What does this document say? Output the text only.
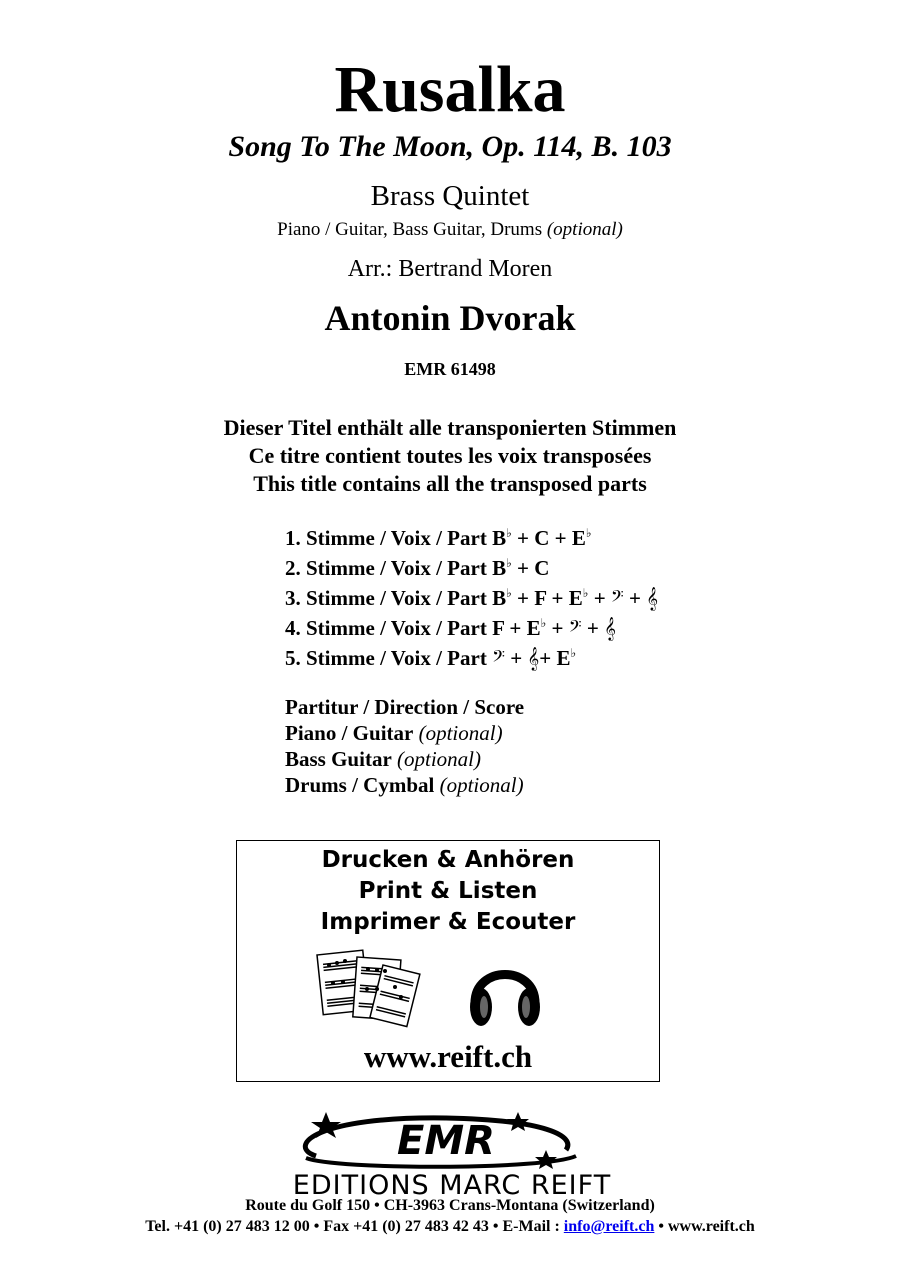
Rusalka
Song To The Moon, Op. 114, B. 103
Brass Quintet
Piano / Guitar, Bass Guitar, Drums (optional)
Arr.: Bertrand Moren
Antonin Dvorak
EMR 61498
Dieser Titel enthält alle transponierten Stimmen
Ce titre contient toutes les voix transposées
This title contains all the transposed parts
1. Stimme / Voix / Part B♭ + C + E♭
2. Stimme / Voix / Part B♭ + C
3. Stimme / Voix / Part B♭ + F + E♭ + 𝄢 + 𝄞
4. Stimme / Voix / Part F + E♭ + 𝄢 + 𝄞
5. Stimme / Voix / Part 𝄢 + 𝄞+ E♭
Partitur / Direction / Score
Piano / Guitar (optional)
Bass Guitar (optional)
Drums / Cymbal (optional)
Drucken & Anhören
Print & Listen
Imprimer & Ecouter
www.reift.ch
EMR
EDITIONS MARC REIFT
Route du Golf 150 • CH-3963 Crans-Montana (Switzerland)
Tel. +41 (0) 27 483 12 00 • Fax +41 (0) 27 483 42 43 • E-Mail : info@reift.ch • www.reift.ch
